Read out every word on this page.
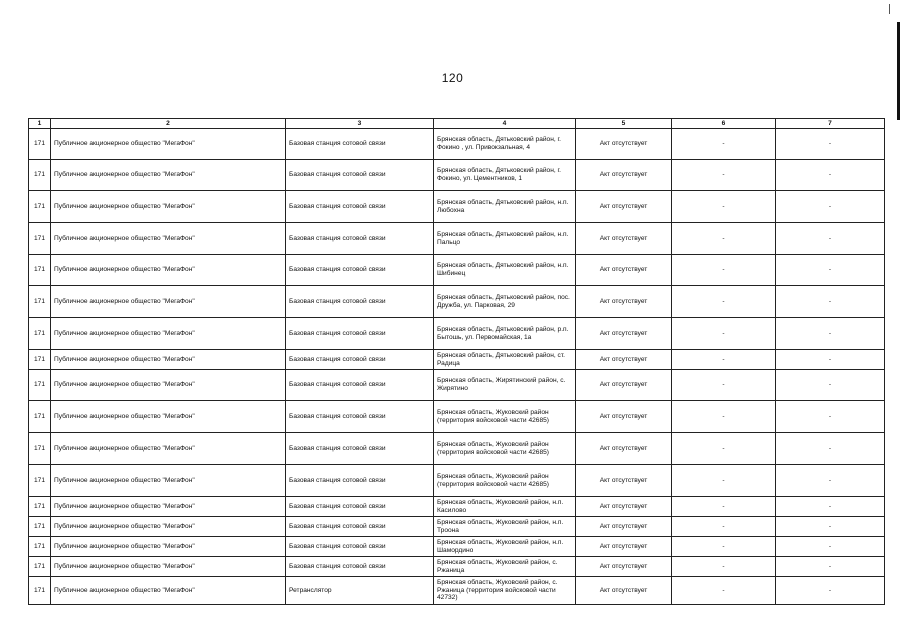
120
1	2	3	4	5	6	7
171	Публичное акционерное общество "МегаФон"	Базовая станция сотовой связи	Брянская область, Дятьковский район, г. Фокино , ул. Привокзальная, 4	Акт отсутствует	-	-
171	Публичное акционерное общество "МегаФон"	Базовая станция сотовой связи	Брянская область, Дятьковский район, г. Фокино, ул. Цементников, 1	Акт отсутствует	-	-
171	Публичное акционерное общество "МегаФон"	Базовая станция сотовой связи	Брянская область, Дятьковский район, н.п. Любохна	Акт отсутствует	-	-
171	Публичное акционерное общество "МегаФон"	Базовая станция сотовой связи	Брянская область, Дятьковский район, н.п. Пальцо	Акт отсутствует	-	-
171	Публичное акционерное общество "МегаФон"	Базовая станция сотовой связи	Брянская область, Дятьковский район, н.п. Шибинец	Акт отсутствует	-	-
171	Публичное акционерное общество "МегаФон"	Базовая станция сотовой связи	Брянская область, Дятьковский район, пос. Дружба, ул. Парковая, 29	Акт отсутствует	-	-
171	Публичное акционерное общество "МегаФон"	Базовая станция сотовой связи	Брянская область, Дятьковский район, р.п. Бытошь, ул. Первомайская, 1а	Акт отсутствует	-	-
171	Публичное акционерное общество "МегаФон"	Базовая станция сотовой связи	Брянская область, Дятьковский район, ст. Радица	Акт отсутствует	-	-
171	Публичное акционерное общество "МегаФон"	Базовая станция сотовой связи	Брянская область, Жирятинский район, с. Жирятино	Акт отсутствует	-	-
171	Публичное акционерное общество "МегаФон"	Базовая станция сотовой связи	Брянская область, Жуковский район (территория войсковой части 42685)	Акт отсутствует	-	-
171	Публичное акционерное общество "МегаФон"	Базовая станция сотовой связи	Брянская область, Жуковский район (территория войсковой части 42685)	Акт отсутствует	-	-
171	Публичное акционерное общество "МегаФон"	Базовая станция сотовой связи	Брянская область, Жуковский район (территория войсковой части 42685)	Акт отсутствует	-	-
171	Публичное акционерное общество "МегаФон"	Базовая станция сотовой связи	Брянская область, Жуковский район, н.п. Касилово	Акт отсутствует	-	-
171	Публичное акционерное общество "МегаФон"	Базовая станция сотовой связи	Брянская область, Жуковский район, н.п. Троона	Акт отсутствует	-	-
171	Публичное акционерное общество "МегаФон"	Базовая станция сотовой связи	Брянская область, Жуковский район, н.п. Шамордино	Акт отсутствует	-	-
171	Публичное акционерное общество "МегаФон"	Базовая станция сотовой связи	Брянская область, Жуковский район, с. Ржаница	Акт отсутствует	-	-
171	Публичное акционерное общество "МегаФон"	Ретранслятор	Брянская область, Жуковский район, с. Ржаница (территория войсковой части 42732)	Акт отсутствует	-	-
